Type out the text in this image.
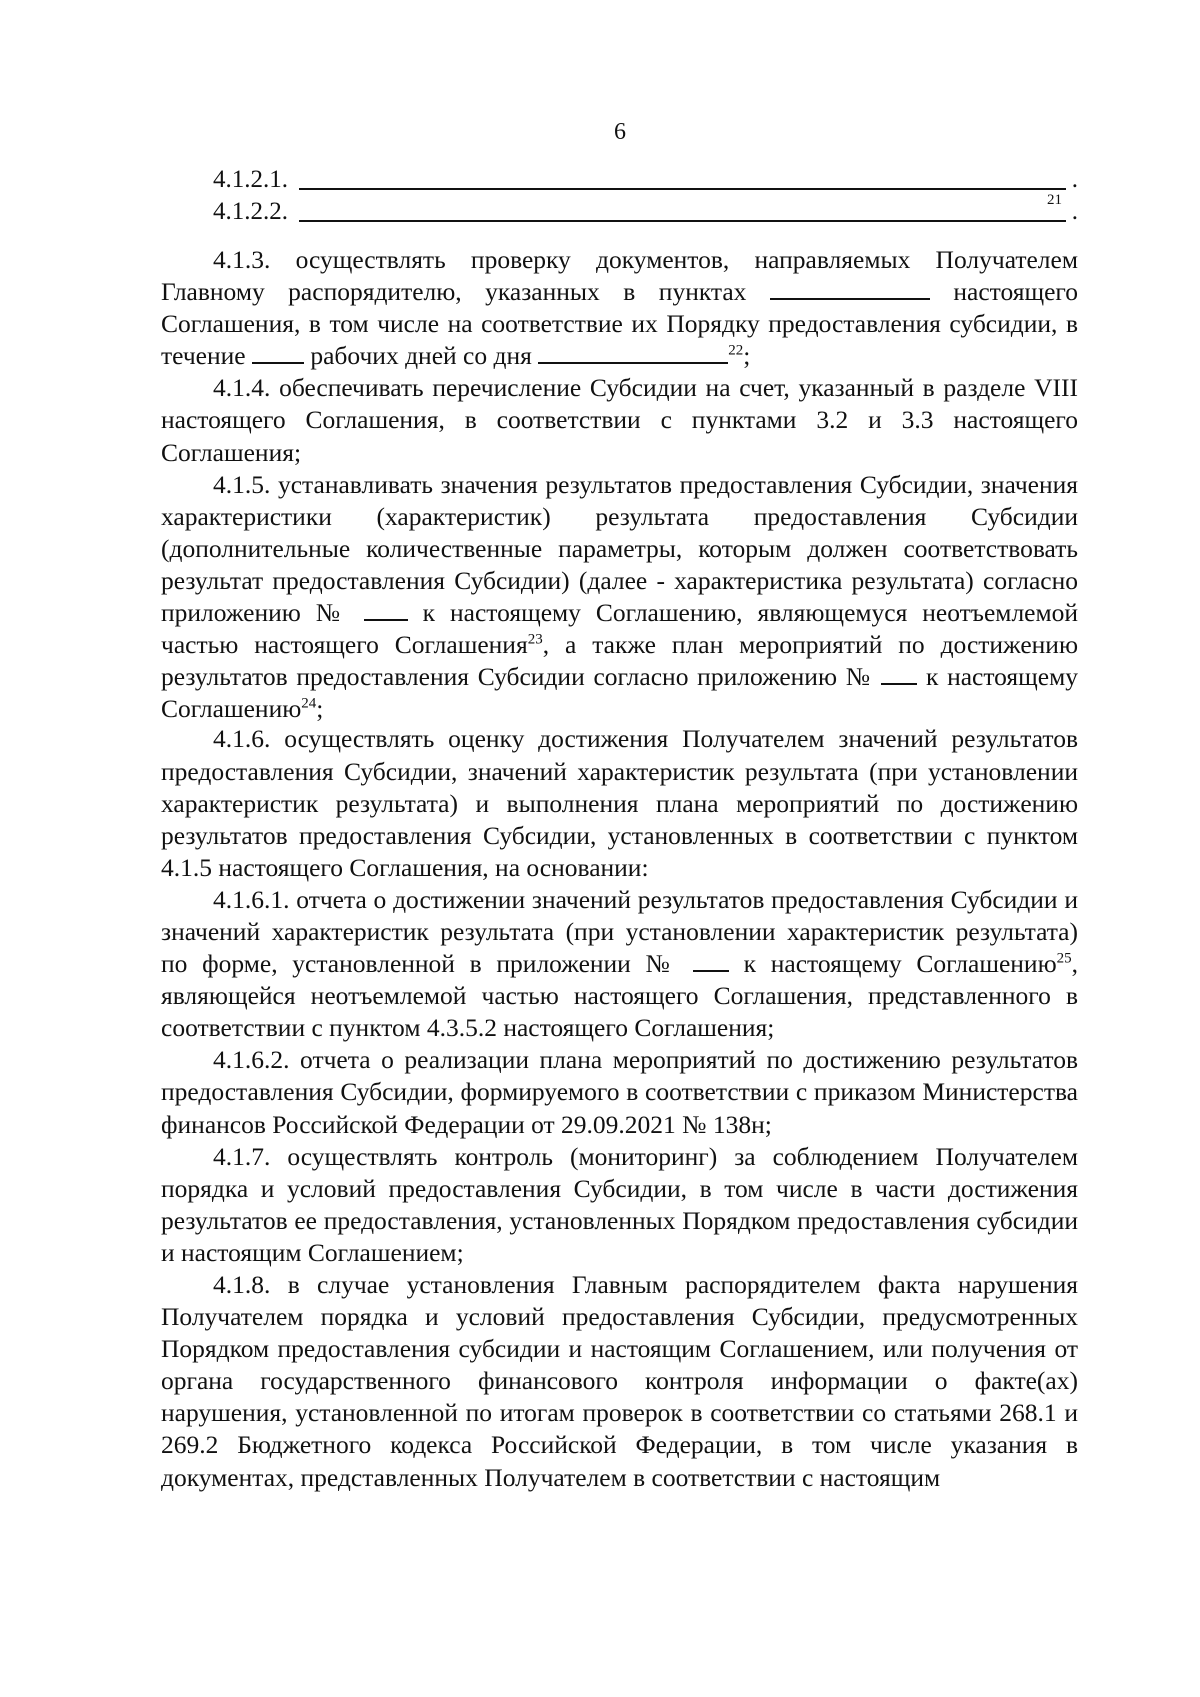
6
4.1.2.1.	.
4.1.2.2.	21 .

4.1.3. осуществлять проверку документов, направляемых Получателем Главному распорядителю, указанных в пунктах	настоящего Соглашения, в том числе на соответствие их Порядку предоставления субсидии, в течение	рабочих дней со дня	$^{22}$;

4.1.4. обеспечивать перечисление Субсидии на счет, указанный в разделе VIII настоящего Соглашения, в соответствии с пунктами 3.2 и 3.3 настоящего Соглашения;

4.1.5. устанавливать значения результатов предоставления Субсидии, значения характеристики (характеристик) результата предоставления Субсидии (дополнительные количественные параметры, которым должен соответствовать результат предоставления Субсидии) (далее - характеристика результата) согласно приложению №	к настоящему Соглашению, являющемуся неотъемлемой частью настоящего Соглашения$^{23}$, а также план мероприятий по достижению результатов предоставления Субсидии согласно приложению № к настоящему Соглашению$^{24}$;

4.1.6. осуществлять оценку достижения Получателем значений результатов предоставления Субсидии, значений характеристик результата (при установлении характеристик результата) и выполнения плана мероприятий по достижению результатов предоставления Субсидии, установленных в соответствии с пунктом 4.1.5 настоящего Соглашения, на основании:

4.1.6.1. отчета о достижении значений результатов предоставления Субсидии и значений характеристик результата (при установлении характеристик результата) по форме, установленной в приложении №	к настоящему Соглашению$^{25}$, являющейся неотъемлемой частью настоящего Соглашения, представленного в соответствии с пунктом 4.3.5.2 настоящего Соглашения;

4.1.6.2. отчета о реализации плана мероприятий по достижению результатов предоставления Субсидии, формируемого в соответствии с приказом Министерства финансов Российской Федерации от 29.09.2021 № 138н;

4.1.7. осуществлять контроль (мониторинг) за соблюдением Получателем порядка и условий предоставления Субсидии, в том числе в части достижения результатов ее предоставления, установленных Порядком предоставления субсидии и настоящим Соглашением;

4.1.8. в случае установления Главным распорядителем факта нарушения Получателем порядка и условий предоставления Субсидии, предусмотренных Порядком предоставления субсидии и настоящим Соглашением, или получения от органа государственного финансового контроля информации о факте(ах) нарушения, установленной по итогам проверок в соответствии со статьями 268.1 и 269.2 Бюджетного кодекса Российской Федерации, в том числе указания в документах, представленных Получателем в соответствии с настоящим
